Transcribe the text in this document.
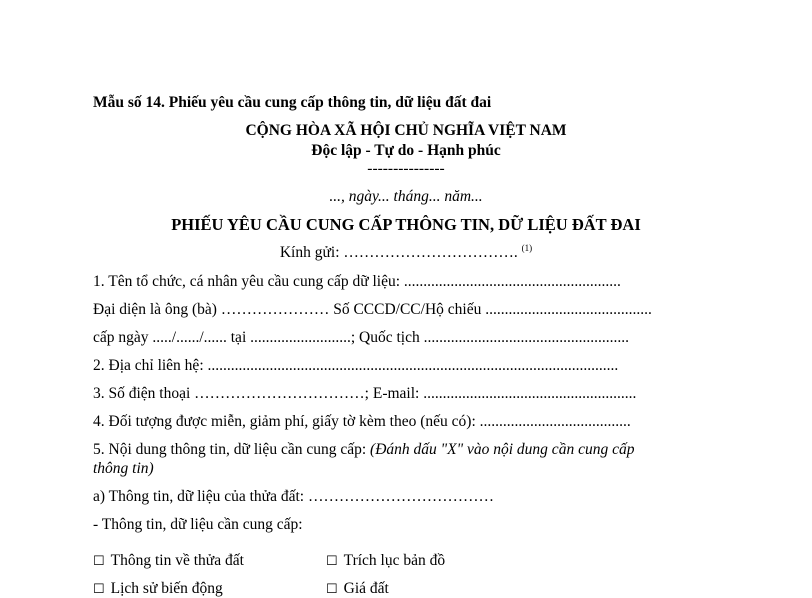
Mẫu số 14. Phiếu yêu cầu cung cấp thông tin, dữ liệu đất đai
CỘNG HÒA XÃ HỘI CHỦ NGHĨA VIỆT NAM
Độc lập - Tự do - Hạnh phúc
---------------
..., ngày... tháng... năm...
PHIẾU YÊU CẦU CUNG CẤP THÔNG TIN, DỮ LIỆU ĐẤT ĐAI
Kính gửi: ……………………………. $^{(1)}$
1. Tên tổ chức, cá nhân yêu cầu cung cấp dữ liệu: ........................................................
Đại diện là ông (bà) ………………… Số CCCD/CC/Hộ chiếu ...........................................
cấp ngày ...../....../...... tại ..........................; Quốc tịch .....................................................
2. Địa chỉ liên hệ: ..........................................................................................................
3. Số điện thoại ……………………………; E-mail: .......................................................
4. Đối tượng được miễn, giảm phí, giấy tờ kèm theo (nếu có): .......................................
5. Nội dung thông tin, dữ liệu cần cung cấp: (Đánh dấu "X" vào nội dung cần cung cấp
thông tin)
a) Thông tin, dữ liệu của thửa đất: ………………………………
- Thông tin, dữ liệu cần cung cấp:
☐ Thông tin về thửa đất	☐ Trích lục bản đồ
☐ Lịch sử biến động	☐ Giá đất
